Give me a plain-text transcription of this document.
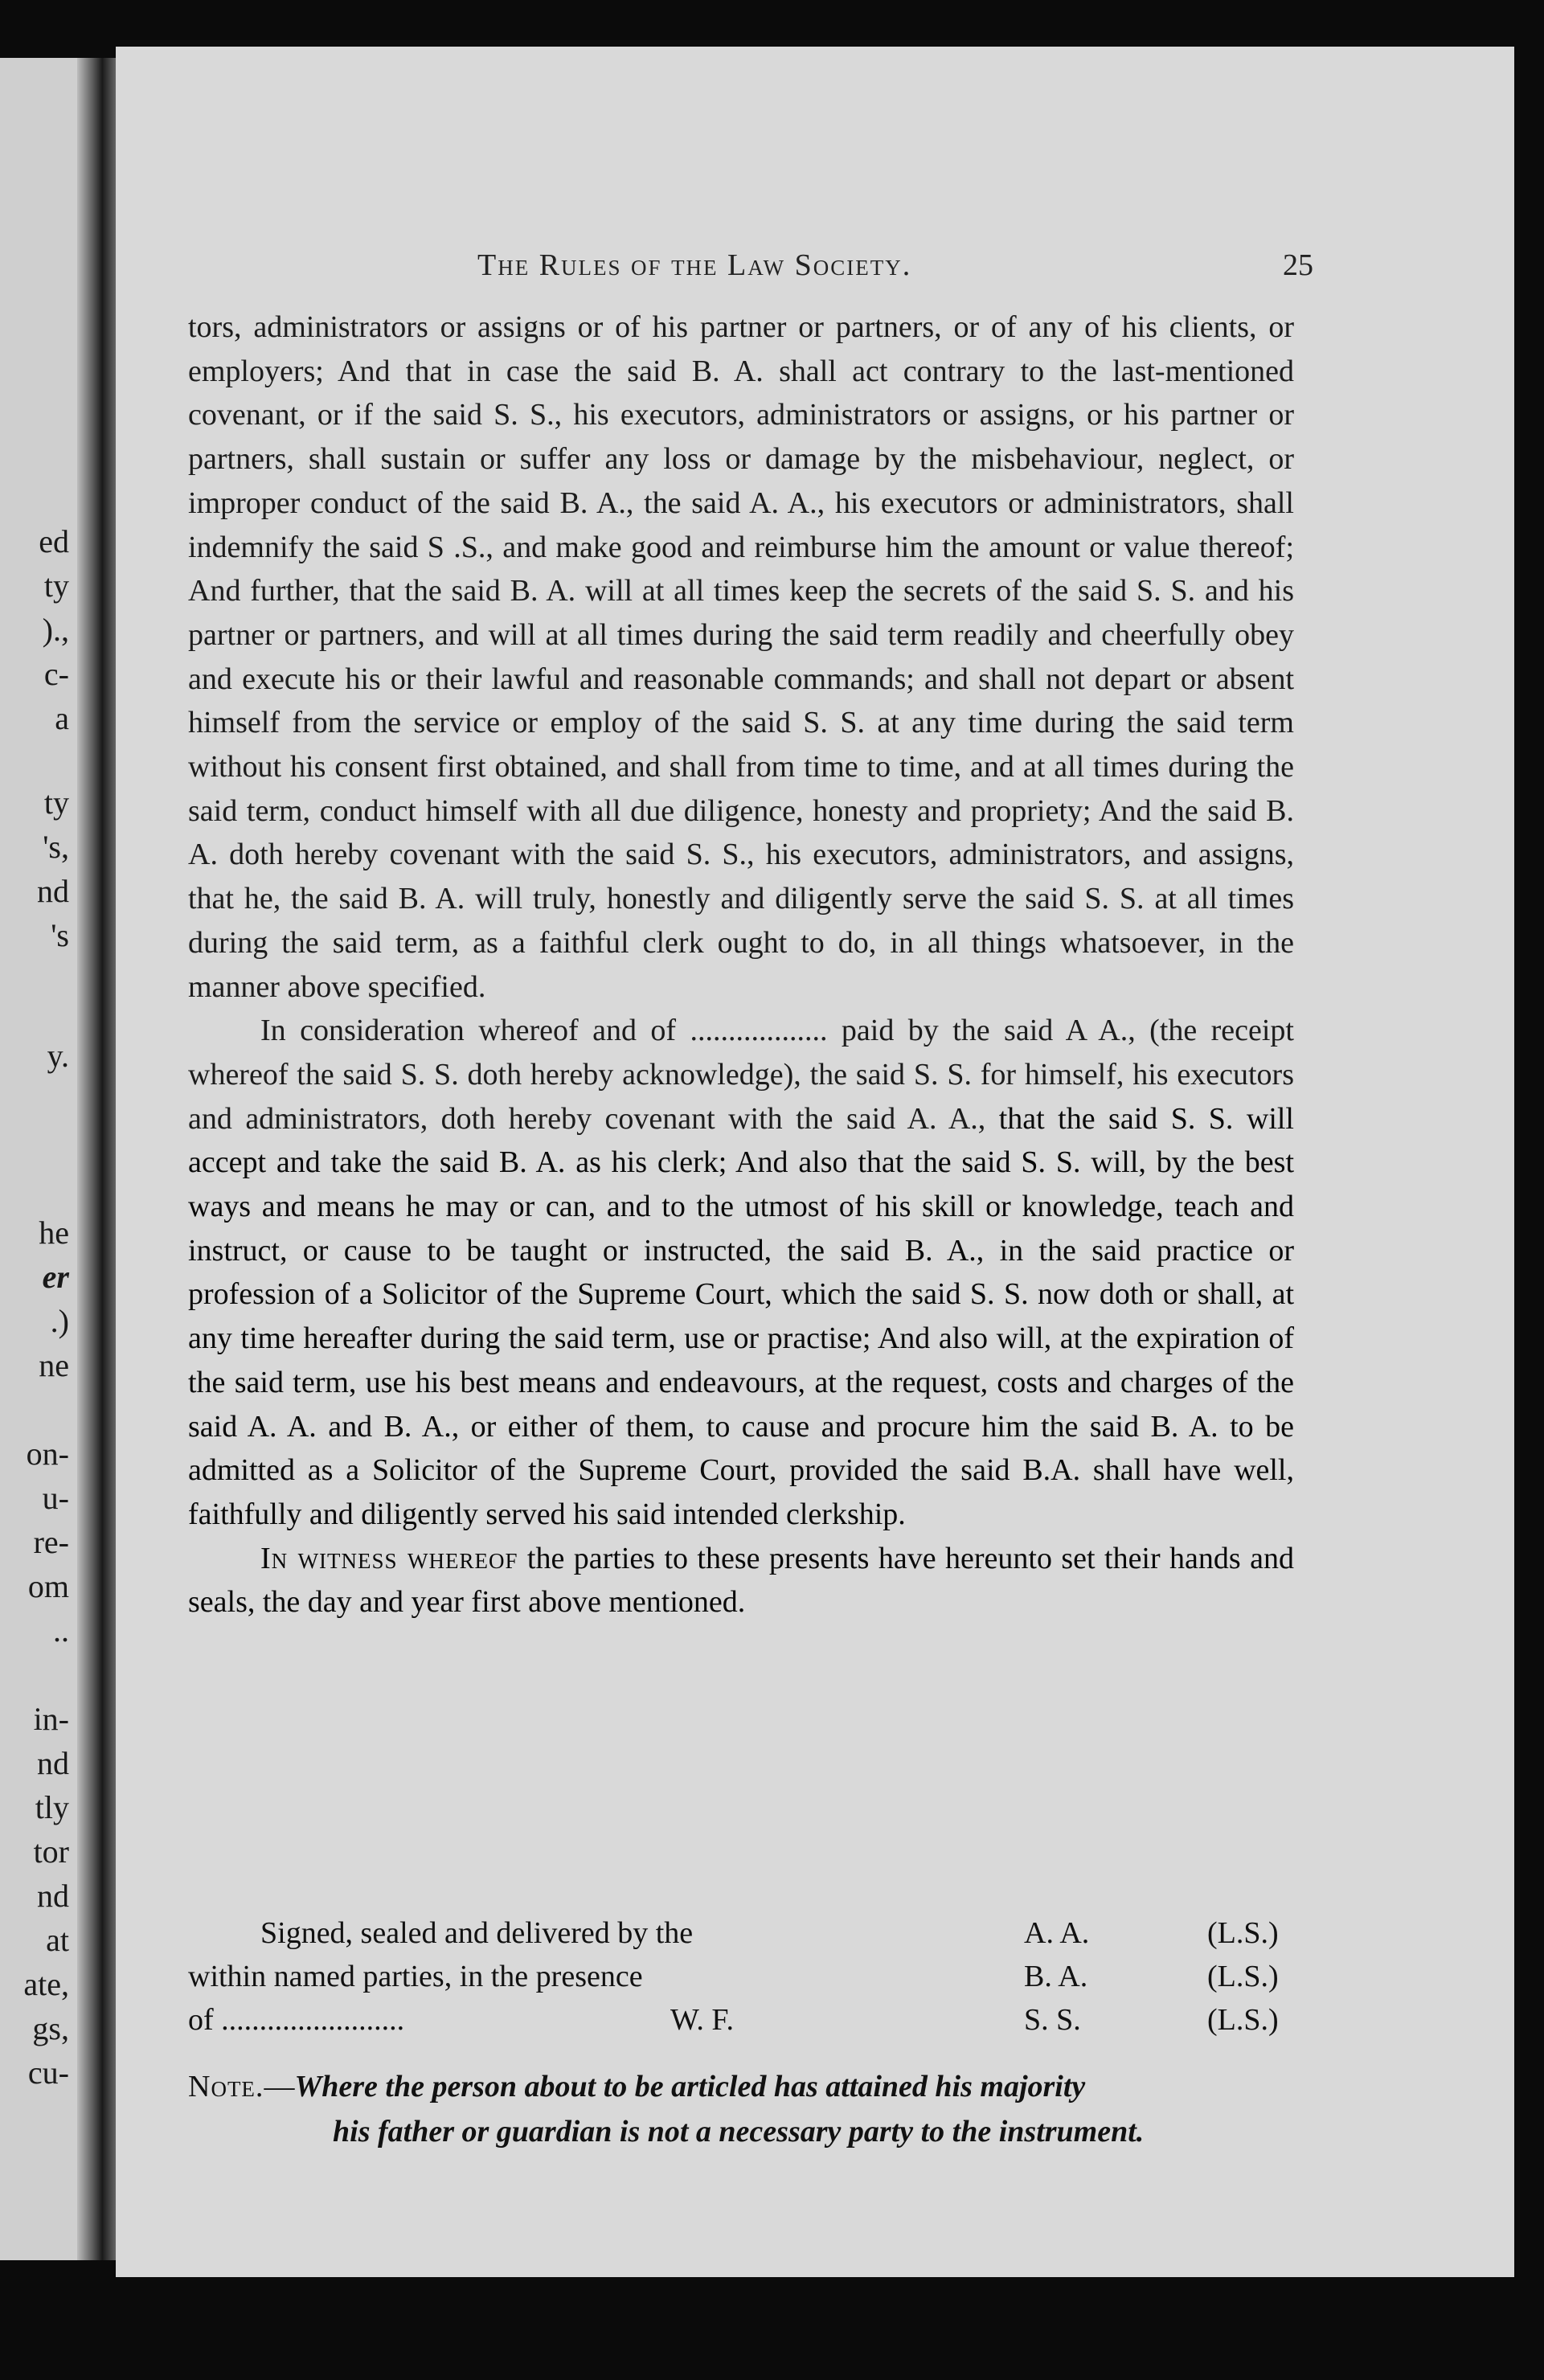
ed
ty
).,
c-
a
ty
's,
nd
's
y.
he
er
.)
ne
on-
u-
re-
om
..
in-
nd
tly
tor
nd
at
ate,
gs,
cu-
The Rules of the Law Society.	25

tors, administrators or assigns or of his partner or partners, or of any of his clients, or employers; And that in case the said B. A. shall act contrary to the last-mentioned covenant, or if the said S. S., his executors, administrators or assigns, or his partner or partners, shall sustain or suffer any loss or damage by the misbehaviour, neglect, or improper conduct of the said B. A., the said A. A., his executors or administrators, shall indemnify the said S .S., and make good and reimburse him the amount or value thereof; And further, that the said B. A. will at all times keep the secrets of the said S. S. and his partner or partners, and will at all times during the said term readily and cheerfully obey and execute his or their lawful and reasonable commands; and shall not depart or absent himself from the service or employ of the said S. S. at any time during the said term without his consent first obtained, and shall from time to time, and at all times during the said term, conduct himself with all due diligence, honesty and propriety; And the said B. A. doth hereby covenant with the said S. S., his executors, administrators, and assigns, that he, the said B. A. will truly, honestly and diligently serve the said S. S. at all times during the said term, as a faithful clerk ought to do, in all things whatsoever, in the manner above specified.

In consideration whereof and of .................. paid by the said A A., (the receipt whereof the said S. S. doth hereby acknowledge), the said S. S. for himself, his executors and administrators, doth hereby covenant with the said A. A., that the said S. S. will accept and take the said B. A. as his clerk; And also that the said S. S. will, by the best ways and means he may or can, and to the utmost of his skill or knowledge, teach and instruct, or cause to be taught or instructed, the said B. A., in the said practice or profession of a Solicitor of the Supreme Court, which the said S. S. now doth or shall, at any time hereafter during the said term, use or practise; And also will, at the expiration of the said term, use his best means and endeavours, at the request, costs and charges of the said A. A. and B. A., or either of them, to cause and procure him the said B. A. to be admitted as a Solicitor of the Supreme Court, provided the said B.A. shall have well, faithfully and diligently served his said intended clerkship.

In witness whereof the parties to these presents have hereunto set their hands and seals, the day and year first above mentioned.

Signed, sealed and delivered by the	A. A.	(L.S.)
within named parties, in the presence	B. A.	(L.S.)
of ........................	W. F.	S. S.	(L.S.)
Note.—Where the person about to be articled has attained his majority
his father or guardian is not a necessary party to the instrument.
